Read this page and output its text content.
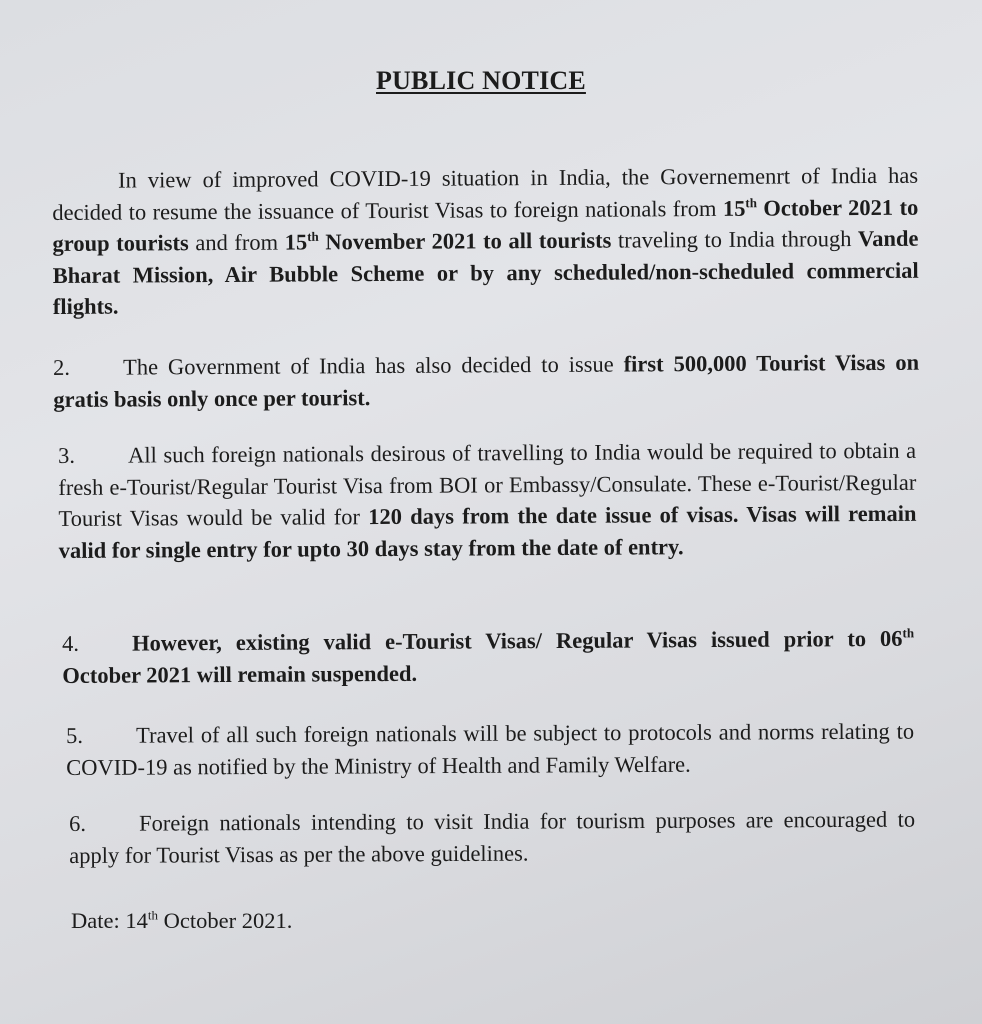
PUBLIC NOTICE
In view of improved COVID-19 situation in India, the Governemenrt of India has decided to resume the issuance of Tourist Visas to foreign nationals from 15th October 2021 to group tourists and from 15th November 2021 to all tourists traveling to India through Vande Bharat Mission, Air Bubble Scheme or by any scheduled/non-scheduled commercial flights.
2. The Government of India has also decided to issue first 500,000 Tourist Visas on gratis basis only once per tourist.
3. All such foreign nationals desirous of travelling to India would be required to obtain a fresh e-Tourist/Regular Tourist Visa from BOI or Embassy/Consulate. These e-Tourist/Regular Tourist Visas would be valid for 120 days from the date issue of visas. Visas will remain valid for single entry for upto 30 days stay from the date of entry.
4. However, existing valid e-Tourist Visas/ Regular Visas issued prior to 06th October 2021 will remain suspended.
5. Travel of all such foreign nationals will be subject to protocols and norms relating to COVID-19 as notified by the Ministry of Health and Family Welfare.
6. Foreign nationals intending to visit India for tourism purposes are encouraged to apply for Tourist Visas as per the above guidelines.
Date: 14th October 2021.
